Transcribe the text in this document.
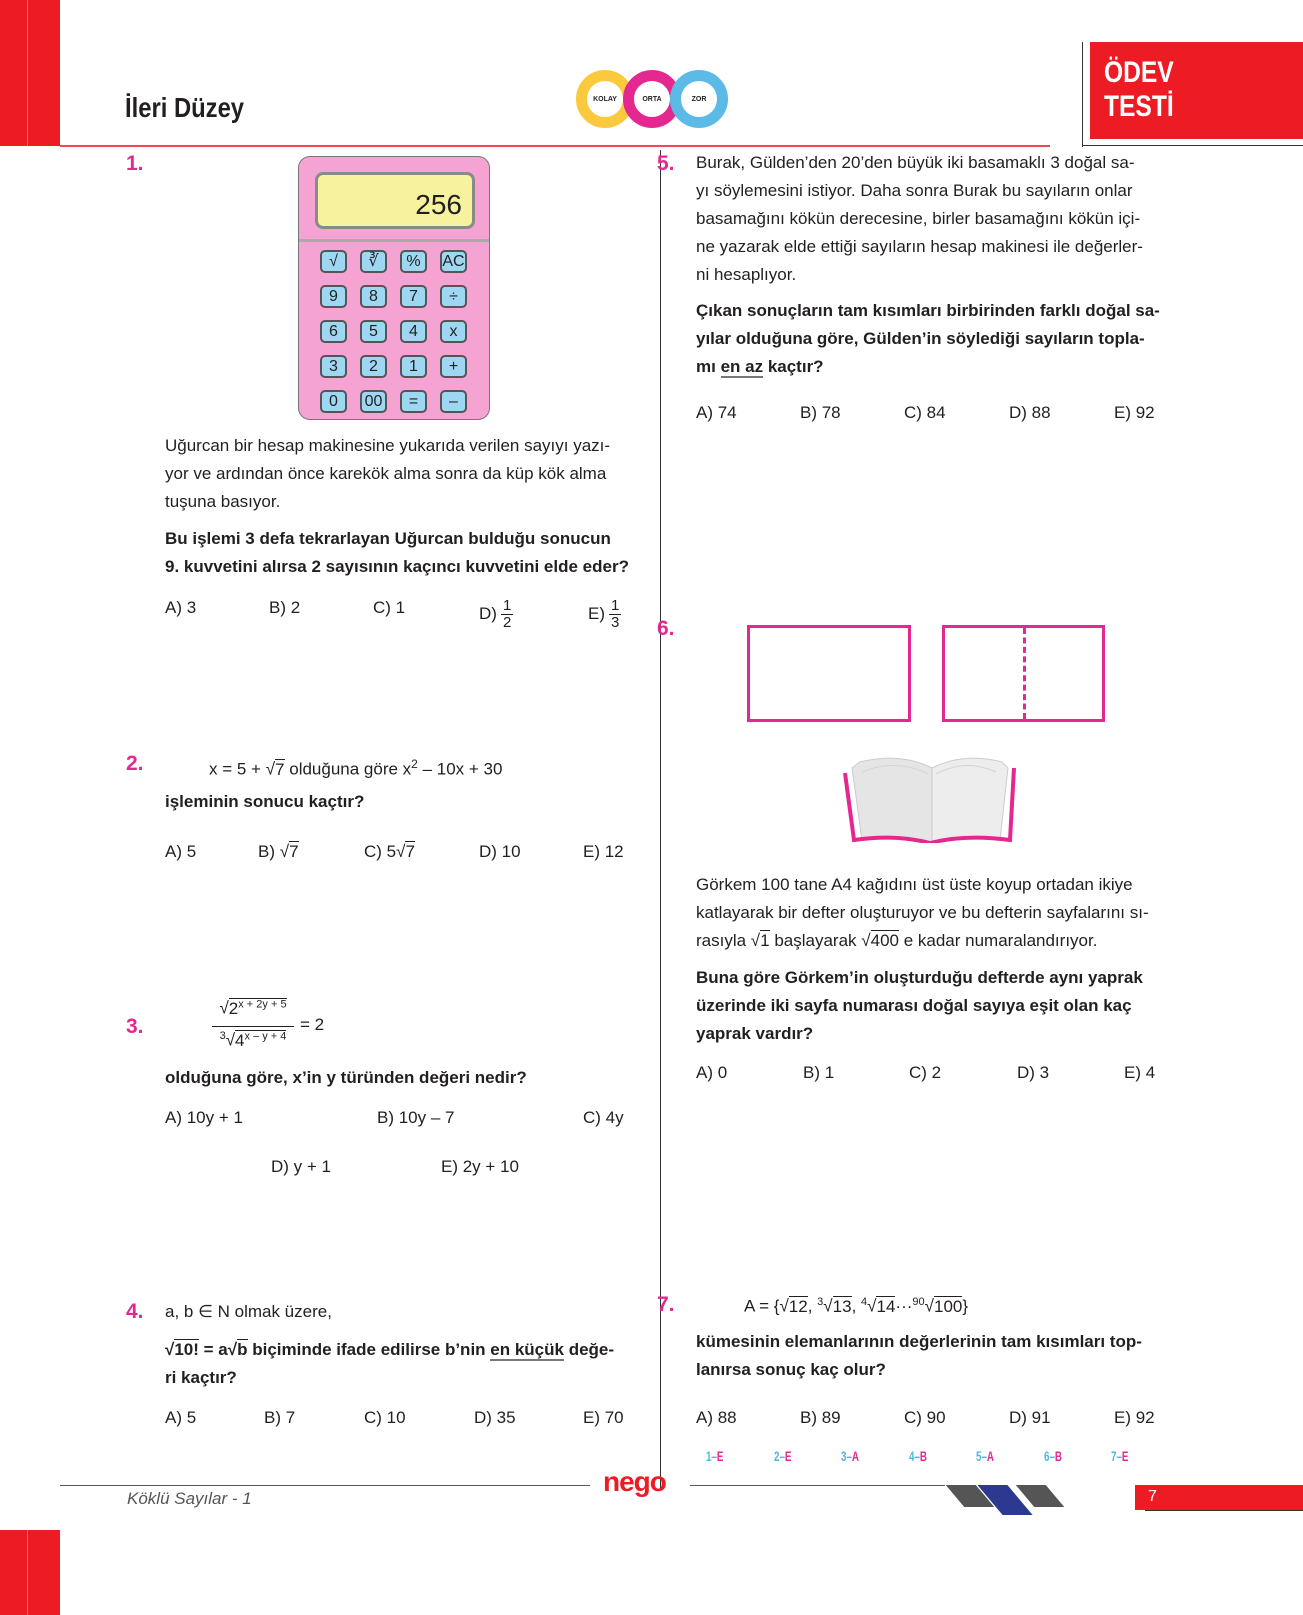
İleri Düzey	KOLAY	ORTA	ZOR
ÖDEV
TESTİ
1.
256
√	∛	%	AC
9	8	7	÷
6	5	4	x
3	2	1	+
0	00	=	–
Uğurcan bir hesap makinesine yukarıda verilen sayıyı yazı-
yor ve ardından önce karekök alma sonra da küp kök alma
tuşuna basıyor.
Bu işlemi 3 defa tekrarlayan Uğurcan bulduğu sonucun
9. kuvvetini alırsa 2 sayısının kaçıncı kuvvetini elde eder?
A) 3	B) 2	C) 1	$D) \frac{1}{2}$	$E) \frac{1}{3}$
2.	x = 5 + √7 olduğuna göre $x^2 - 10x + 30$
işleminin sonucu kaçtır?
A) 5	B) √7	C) 5√7	D) 10	E) 12
3.
$√2^{x + 2y + 5}$
$^3√4^{x - y + 4}$
= 2
olduğuna göre, x’in y türünden değeri nedir?
A) 10y + 1	B) 10y – 7	C) 4y
D) y + 1	E) 2y + 10
4. a, b ∈ N olmak üzere,
√10! = a√b biçiminde ifade edilirse b’nin en küçük değe-
ri kaçtır?
A) 5	B) 7	C) 10	D) 35	E) 70
5. Burak, Gülden’den 20’den büyük iki basamaklı 3 doğal sa-
yı söylemesini istiyor. Daha sonra Burak bu sayıların onlar
basamağını kökün derecesine, birler basamağını kökün içi-
ne yazarak elde ettiği sayıların hesap makinesi ile değerler-
ni hesaplıyor.
Çıkan sonuçların tam kısımları birbirinden farklı doğal sa-
yılar olduğuna göre, Gülden’in söylediği sayıların topla-
mı en az kaçtır?
A) 74	B) 78	C) 84	D) 88	E) 92
6.
Görkem 100 tane A4 kağıdını üst üste koyup ortadan ikiye
katlayarak bir defter oluşturuyor ve bu defterin sayfalarını sı-
rasıyla √1 başlayarak √400 e kadar numaralandırıyor.
Buna göre Görkem’in oluşturduğu defterde aynı yaprak
üzerinde iki sayfa numarası doğal sayıya eşit olan kaç
yaprak vardır?
A) 0	B) 1	C) 2	D) 3	E) 4
7.	A = {√12, $^3$√13, $^4$√14···$^{90}$√100}
kümesinin elemanlarının değerlerinin tam kısımları top-
lanırsa sonuç kaç olur?
A) 88	B) 89	C) 90	D) 91	E) 92
1–E	2–E	3–A	4–B	5–A	6–B	7–E
Köklü Sayılar - 1
nego	7
